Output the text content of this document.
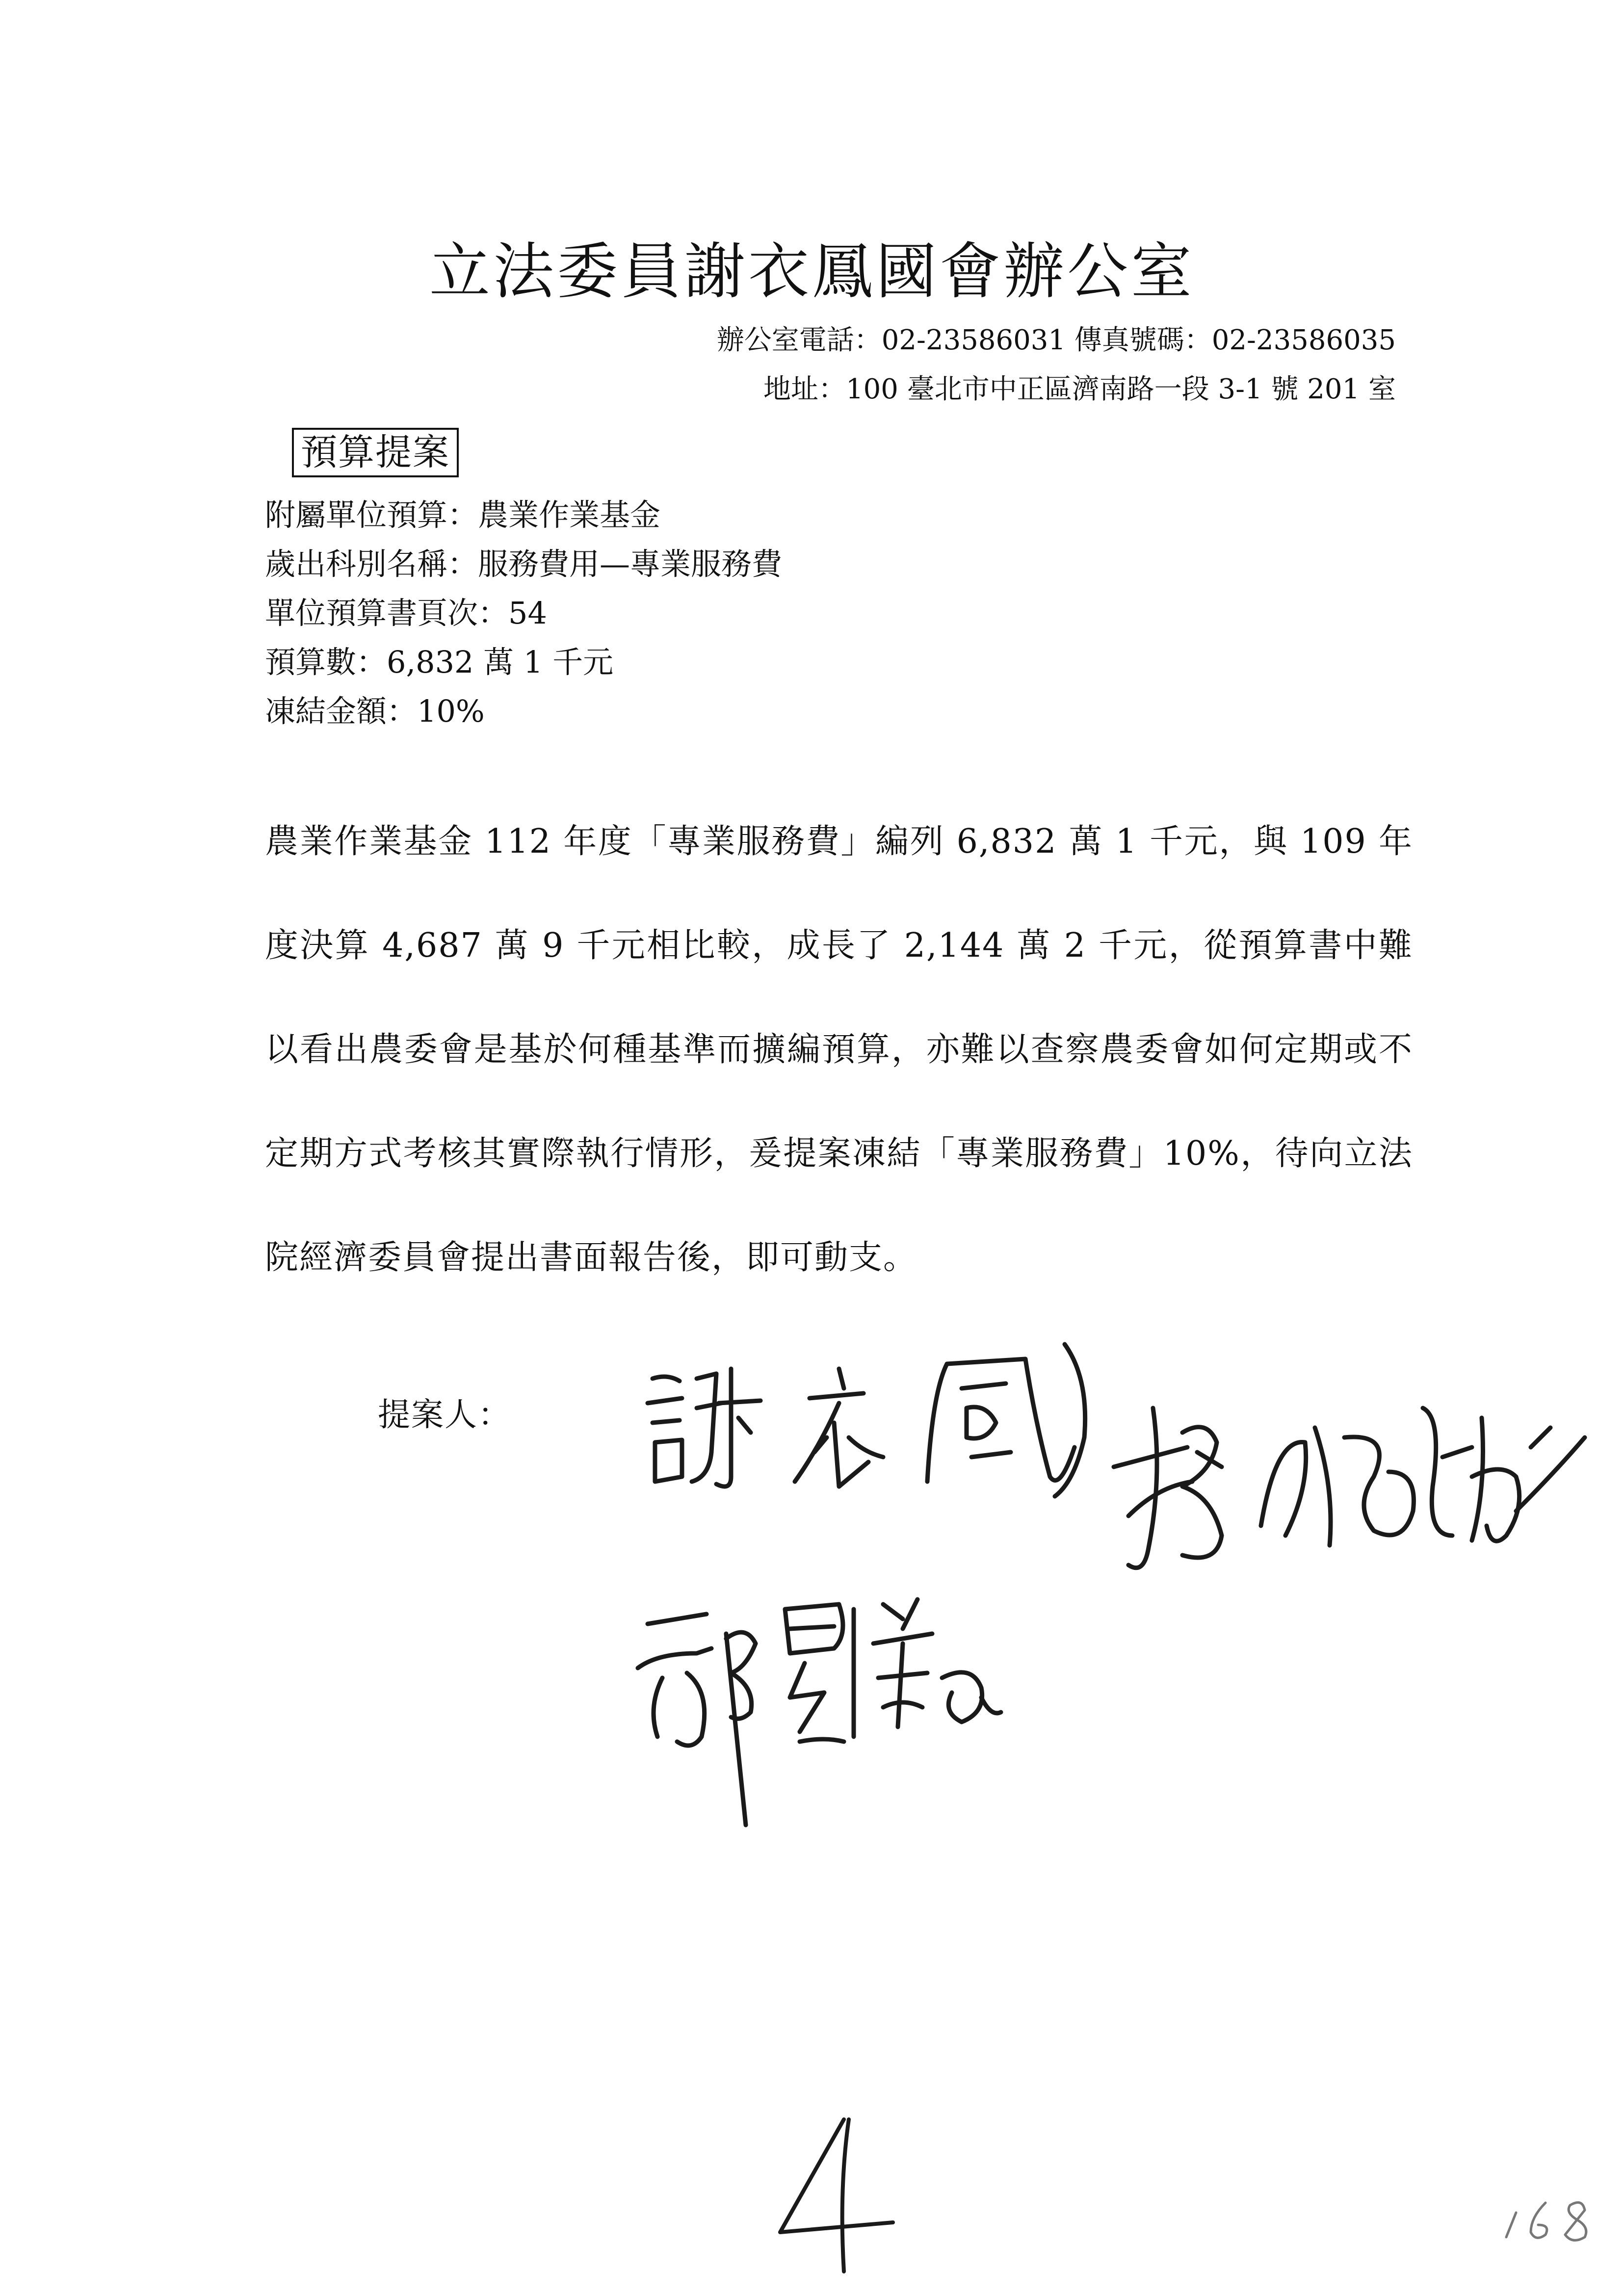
立法委員謝衣鳳國會辦公室
辦公室電話：02-23586031 傳真號碼：02-23586035
地址：100 臺北市中正區濟南路一段 3-1 號 201 室
預算提案
附屬單位預算：農業作業基金
歲出科別名稱：服務費用—專業服務費
單位預算書頁次：54
預算數：6,832 萬 1 千元
凍結金額：10%

農業作業基金 112 年度「專業服務費」編列 6,832 萬 1 千元，與 109 年度決算 4,687 萬 9 千元相比較，成長了 2,144 萬 2 千元，從預算書中難以看出農委會是基於何種基準而擴編預算，亦難以查察農委會如何定期或不定期方式考核其實際執行情形，爰提案凍結「專業服務費」10%，待向立法院經濟委員會提出書面報告後，即可動支。

提案人：
